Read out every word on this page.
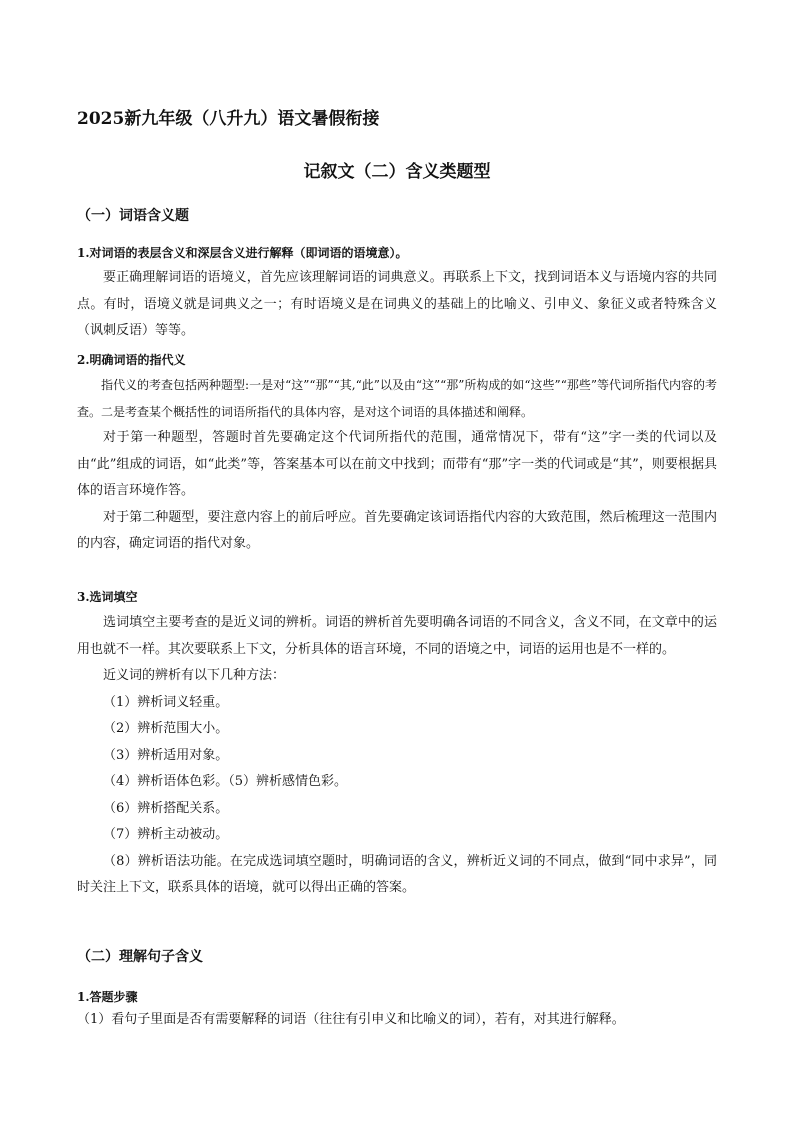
2025新九年级（八升九）语文暑假衔接
记叙文（二）含义类题型
（一）词语含义题
1.对词语的表层含义和深层含义进行解释（即词语的语境意）。

要正确理解词语的语境义，首先应该理解词语的词典意义。再联系上下文，找到词语本义与语境内容的共同点。有时，语境义就是词典义之一；有时语境义是在词典义的基础上的比喻义、引申义、象征义或者特殊含义（讽刺反语）等等。

2.明确词语的指代义

指代义的考查包括两种题型:一是对“这”“那”“其,“此”以及由“这”“那”所构成的如“这些”“那些”等代词所指代内容的考查。二是考查某个概括性的词语所指代的具体内容，是对这个词语的具体描述和阐释。

对于第一种题型，答题时首先要确定这个代词所指代的范围，通常情况下，带有“这”字一类的代词以及由“此”组成的词语，如“此类”等，答案基本可以在前文中找到；而带有“那”字一类的代词或是“其”，则要根据具体的语言环境作答。

对于第二种题型，要注意内容上的前后呼应。首先要确定该词语指代内容的大致范围，然后梳理这一范围内的内容，确定词语的指代对象。

3.选词填空

选词填空主要考查的是近义词的辨析。词语的辨析首先要明确各词语的不同含义，含义不同，在文章中的运用也就不一样。其次要联系上下文，分析具体的语言环境，不同的语境之中，词语的运用也是不一样的。

近义词的辨析有以下几种方法：

（1）辨析词义轻重。

（2）辨析范围大小。

（3）辨析适用对象。

（4）辨析语体色彩。（5）辨析感情色彩。

（6）辨析搭配关系。

（7）辨析主动被动。

（8）辨析语法功能。在完成选词填空题时，明确词语的含义，辨析近义词的不同点，做到“同中求异”，同时关注上下文，联系具体的语境，就可以得出正确的答案。

（二）理解句子含义
1.答题步骤
（1）看句子里面是否有需要解释的词语（往往有引申义和比喻义的词），若有，对其进行解释。
